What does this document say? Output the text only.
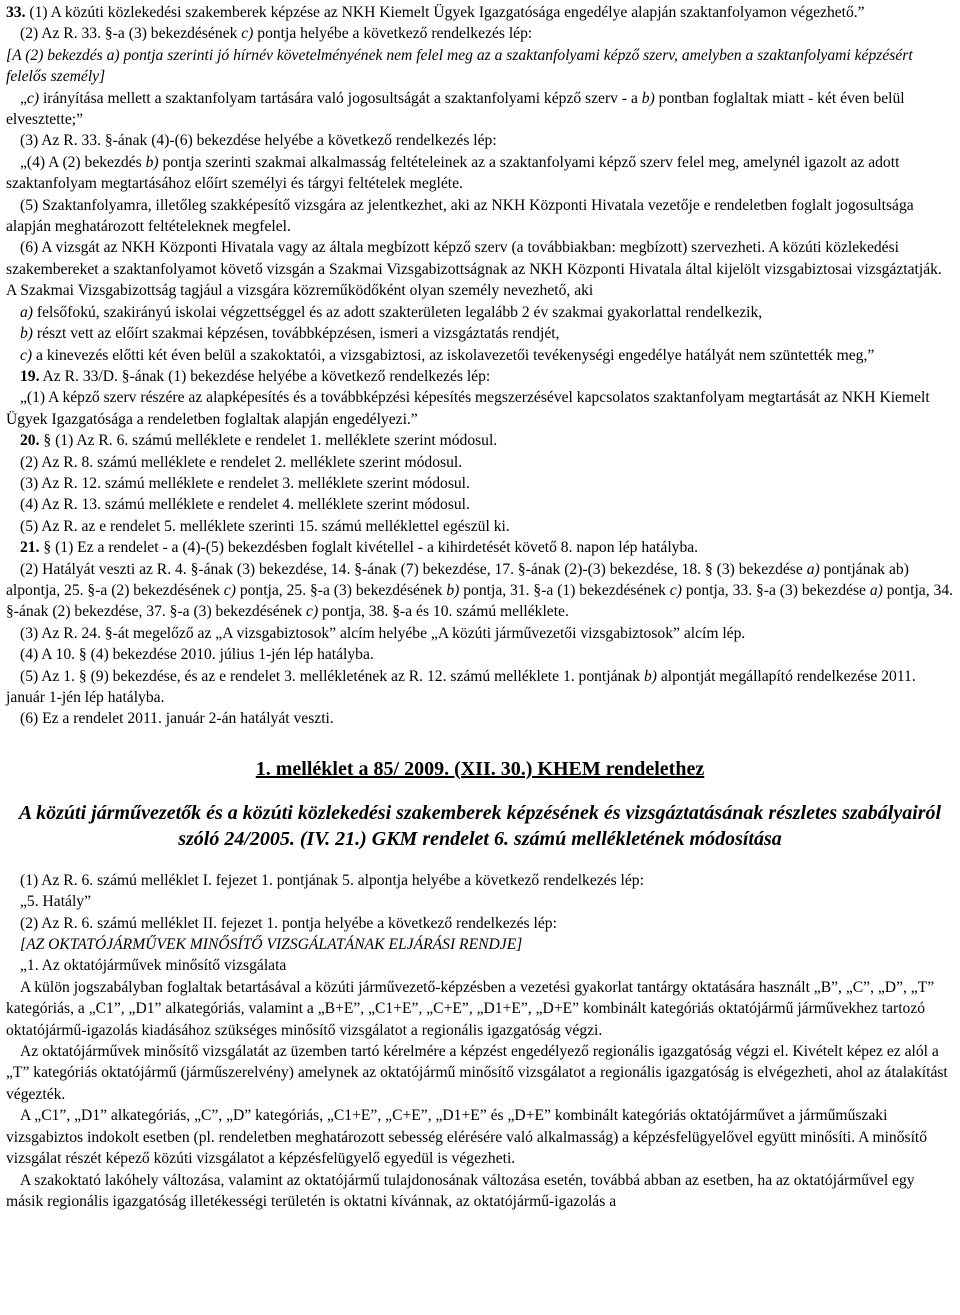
33. (1) A közúti közlekedési szakemberek képzése az NKH Kiemelt Ügyek Igazgatósága engedélye alapján szaktanfolyamon végezhető.”

(2) Az R. 33. §-a (3) bekezdésének c) pontja helyébe a következő rendelkezés lép:

[A (2) bekezdés a) pontja szerinti jó hírnév követelményének nem felel meg az a szaktanfolyami képző szerv, amelyben a szaktanfolyami képzésért felelős személy]

„c) irányítása mellett a szaktanfolyam tartására való jogosultságát a szaktanfolyami képző szerv - a b) pontban foglaltak miatt - két éven belül elvesztette;”

(3) Az R. 33. §-ának (4)-(6) bekezdése helyébe a következő rendelkezés lép:

„(4) A (2) bekezdés b) pontja szerinti szakmai alkalmasság feltételeinek az a szaktanfolyami képző szerv felel meg, amelynél igazolt az adott szaktanfolyam megtartásához előírt személyi és tárgyi feltételek megléte.

(5) Szaktanfolyamra, illetőleg szakképesítő vizsgára az jelentkezhet, aki az NKH Központi Hivatala vezetője e rendeletben foglalt jogosultsága alapján meghatározott feltételeknek megfelel.

(6) A vizsgát az NKH Központi Hivatala vagy az általa megbízott képző szerv (a továbbiakban: megbízott) szervezheti. A közúti közlekedési szakembereket a szaktanfolyamot követő vizsgán a Szakmai Vizsgabizottságnak az NKH Központi Hivatala által kijelölt vizsgabiztosai vizsgáztatják. A Szakmai Vizsgabizottság tagjául a vizsgára közreműködőként olyan személy nevezhető, aki

a) felsőfokú, szakirányú iskolai végzettséggel és az adott szakterületen legalább 2 év szakmai gyakorlattal rendelkezik,

b) részt vett az előírt szakmai képzésen, továbbképzésen, ismeri a vizsgáztatás rendjét,

c) a kinevezés előtti két éven belül a szakoktatói, a vizsgabiztosi, az iskolavezetői tevékenységi engedélye hatályát nem szüntették meg,”

19. Az R. 33/D. §-ának (1) bekezdése helyébe a következő rendelkezés lép:

„(1) A képző szerv részére az alapképesítés és a továbbképzési képesítés megszerzésével kapcsolatos szaktanfolyam megtartását az NKH Kiemelt Ügyek Igazgatósága a rendeletben foglaltak alapján engedélyezi.”

20. § (1) Az R. 6. számú melléklete e rendelet 1. melléklete szerint módosul.

(2) Az R. 8. számú melléklete e rendelet 2. melléklete szerint módosul.

(3) Az R. 12. számú melléklete e rendelet 3. melléklete szerint módosul.

(4) Az R. 13. számú melléklete e rendelet 4. melléklete szerint módosul.

(5) Az R. az e rendelet 5. melléklete szerinti 15. számú melléklettel egészül ki.

21. § (1) Ez a rendelet - a (4)-(5) bekezdésben foglalt kivétellel - a kihirdetését követő 8. napon lép hatályba.

(2) Hatályát veszti az R. 4. §-ának (3) bekezdése, 14. §-ának (7) bekezdése, 17. §-ának (2)-(3) bekezdése, 18. § (3) bekezdése a) pontjának ab) alpontja, 25. §-a (2) bekezdésének c) pontja, 25. §-a (3) bekezdésének b) pontja, 31. §-a (1) bekezdésének c) pontja, 33. §-a (3) bekezdése a) pontja, 34. §-ának (2) bekezdése, 37. §-a (3) bekezdésének c) pontja, 38. §-a és 10. számú melléklete.

(3) Az R. 24. §-át megelőző az „A vizsgabiztosok” alcím helyébe „A közúti járművezetői vizsgabiztosok” alcím lép.

(4) A 10. § (4) bekezdése 2010. július 1-jén lép hatályba.

(5) Az 1. § (9) bekezdése, és az e rendelet 3. mellékletének az R. 12. számú melléklete 1. pontjának b) alpontját megállapító rendelkezése 2011. január 1-jén lép hatályba.

(6) Ez a rendelet 2011. január 2-án hatályát veszti.

1. melléklet a 85/ 2009. (XII. 30.) KHEM rendelethez
A közúti járművezetők és a közúti közlekedési szakemberek képzésének és vizsgáztatásának részletes szabályairól szóló 24/2005. (IV. 21.) GKM rendelet 6. számú mellékletének módosítása

(1) Az R. 6. számú melléklet I. fejezet 1. pontjának 5. alpontja helyébe a következő rendelkezés lép:

„5. Hatály”

(2) Az R. 6. számú melléklet II. fejezet 1. pontja helyébe a következő rendelkezés lép:

[AZ OKTATÓJÁRMŰVEK MINŐSÍTŐ VIZSGÁLATÁNAK ELJÁRÁSI RENDJE]

„1. Az oktatójárművek minősítő vizsgálata

A külön jogszabályban foglaltak betartásával a közúti járművezető-képzésben a vezetési gyakorlat tantárgy oktatására használt „B”, „C”, „D”, „T” kategóriás, a „C1”, „D1” alkategóriás, valamint a „B+E”, „C1+E”, „C+E”, „D1+E”, „D+E” kombinált kategóriás oktatójármű járművekhez tartozó oktatójármű-igazolás kiadásához szükséges minősítő vizsgálatot a regionális igazgatóság végzi.

Az oktatójárművek minősítő vizsgálatát az üzemben tartó kérelmére a képzést engedélyező regionális igazgatóság végzi el. Kivételt képez ez alól a „T” kategóriás oktatójármű (járműszerelvény) amelynek az oktatójármű minősítő vizsgálatot a regionális igazgatóság is elvégezheti, ahol az átalakítást végezték.

A „C1”, „D1” alkategóriás, „C”, „D” kategóriás, „C1+E”, „C+E”, „D1+E” és „D+E” kombinált kategóriás oktatójárművet a járműműszaki vizsgabiztos indokolt esetben (pl. rendeletben meghatározott sebesség elérésére való alkalmasság) a képzésfelügyelővel együtt minősíti. A minősítő vizsgálat részét képező közúti vizsgálatot a képzésfelügyelő egyedül is végezheti.

A szakoktató lakóhely változása, valamint az oktatójármű tulajdonosának változása esetén, továbbá abban az esetben, ha az oktatójárművel egy másik regionális igazgatóság illetékességi területén is oktatni kívánnak, az oktatójármű-igazolás a
